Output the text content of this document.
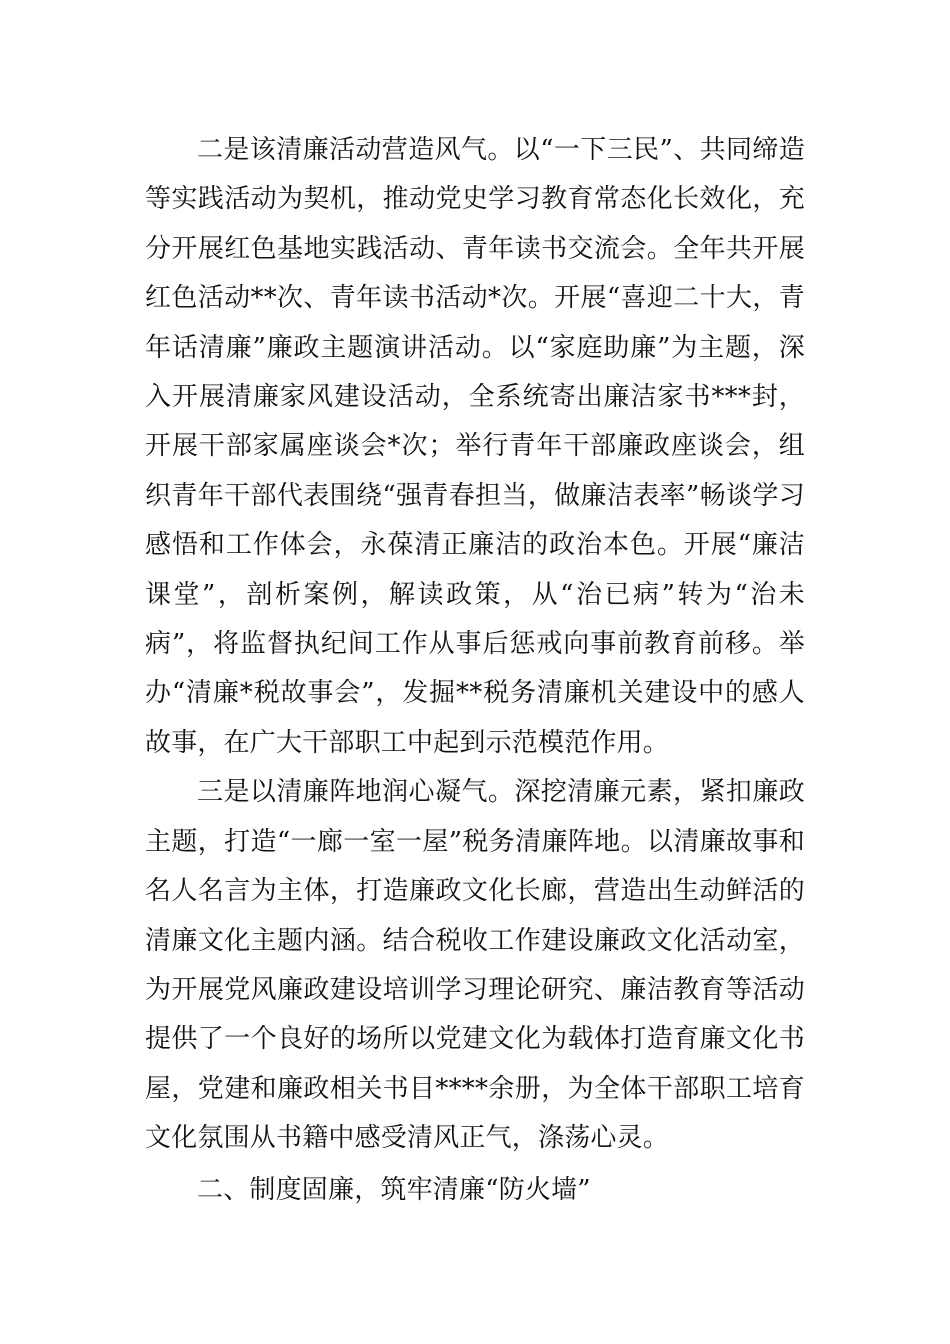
二是该清廉活动营造风气。以“一下三民”、共同缔造等实践活动为契机，推动党史学习教育常态化长效化，充分开展红色基地实践活动、青年读书交流会。全年共开展红色活动**次、青年读书活动*次。开展“喜迎二十大，青年话清廉”廉政主题演讲活动。以“家庭助廉”为主题，深入开展清廉家风建设活动，全系统寄出廉洁家书***封，开展干部家属座谈会*次；举行青年干部廉政座谈会，组织青年干部代表围绕“强青春担当，做廉洁表率”畅谈学习感悟和工作体会，永葆清正廉洁的政治本色。开展“廉洁课堂”，剖析案例，解读政策，从“治已病”转为“治未病”，将监督执纪间工作从事后惩戒向事前教育前移。举办“清廉*税故事会”，发掘**税务清廉机关建设中的感人故事，在广大干部职工中起到示范模范作用。

三是以清廉阵地润心凝气。深挖清廉元素，紧扣廉政主题，打造“一廊一室一屋”税务清廉阵地。以清廉故事和名人名言为主体，打造廉政文化长廊，营造出生动鲜活的清廉文化主题内涵。结合税收工作建设廉政文化活动室，为开展党风廉政建设培训学习理论研究、廉洁教育等活动提供了一个良好的场所以党建文化为载体打造育廉文化书屋，党建和廉政相关书目****余册，为全体干部职工培育文化氛围从书籍中感受清风正气，涤荡心灵。

二、制度固廉，筑牢清廉“防火墙”
